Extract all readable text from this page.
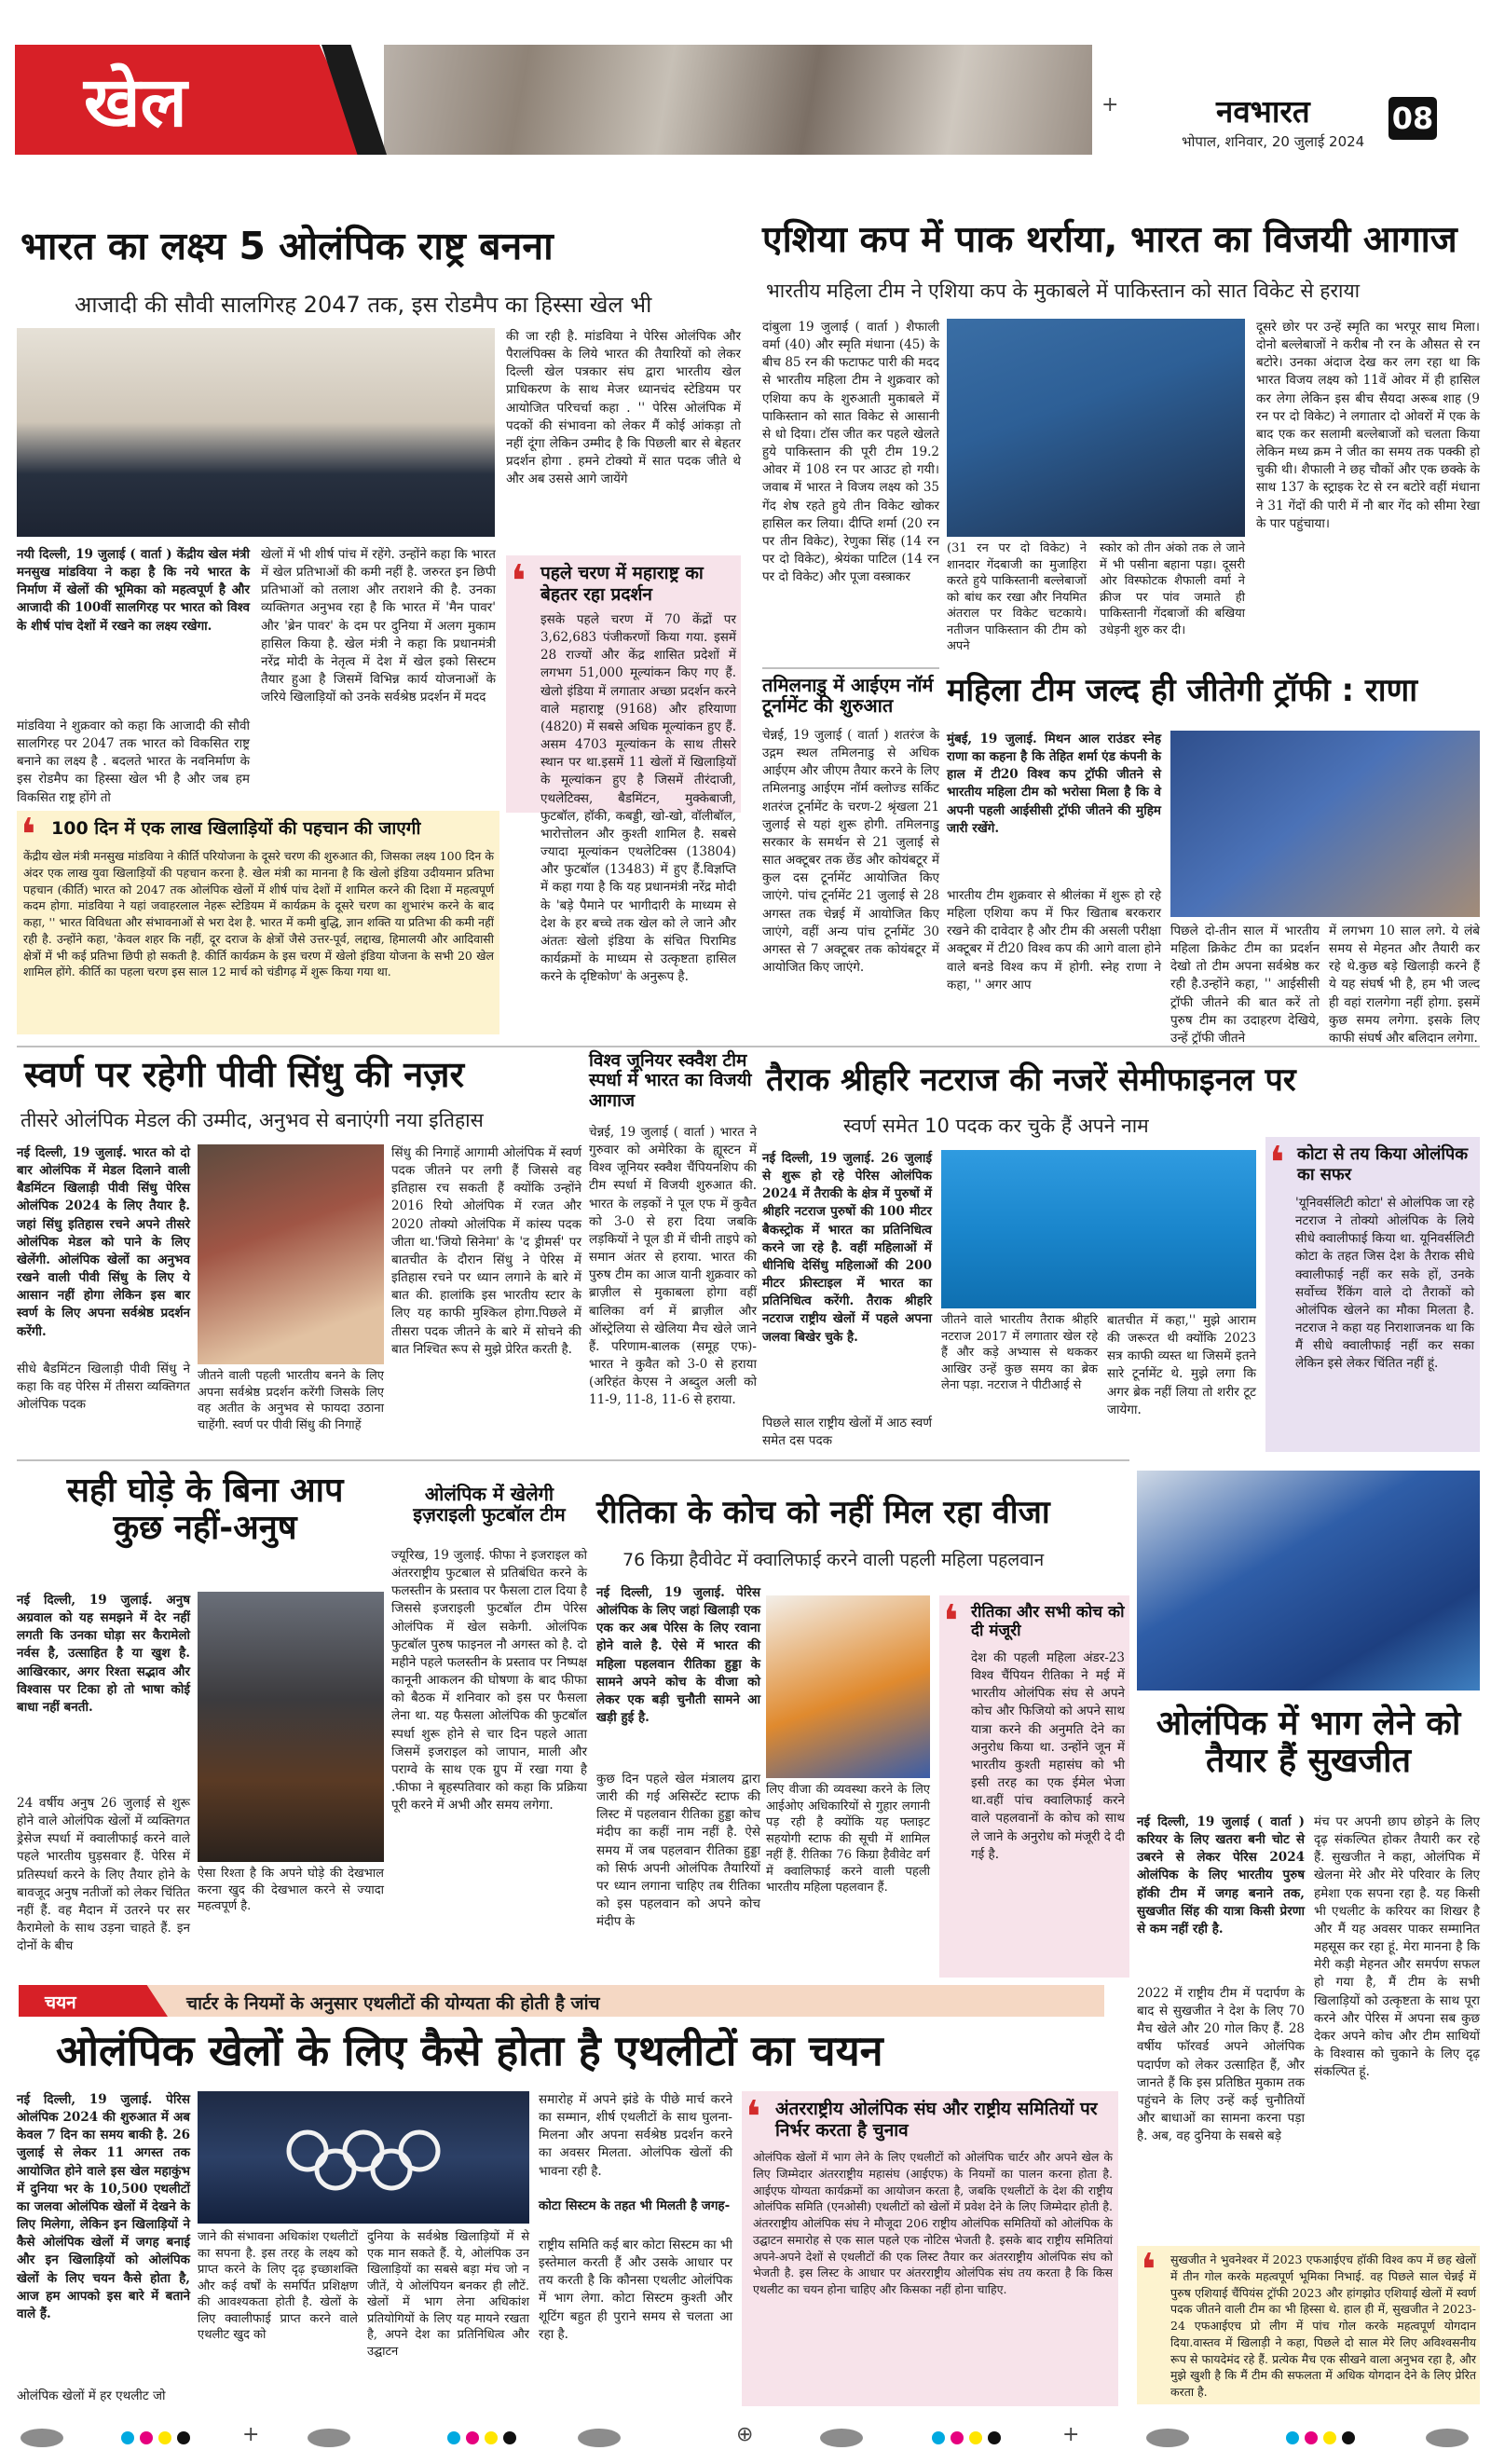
खेल	+	नवभारत	08
भोपाल, शनिवार, 20 जुलाई 2024
भारत का लक्ष्य 5 ओलंपिक राष्ट्र बनना
आजादी की सौवी सालगिरह 2047 तक, इस रोडमैप का हिस्सा खेल भी
नयी दिल्ली, 19 जुलाई ( वार्ता ) केंद्रीय खेल मंत्री मनसुख मांडविया ने कहा है कि नये भारत के निर्माण में खेलों की भूमिका को महत्वपूर्ण है और आजादी की 100वीं सालगिरह पर भारत को विश्व के शीर्ष पांच देशों में रखने का लक्ष्य रखेगा.
मांडविया ने शुक्रवार को कहा कि आजादी की सौवी सालगिरह पर 2047 तक भारत को विकसित राष्ट्र बनाने का लक्ष्य है . बदलते भारत के नवनिर्माण के इस रोडमैप का हिस्सा खेल भी है और जब हम विकसित राष्ट्र होंगे तो
खेलों में भी शीर्ष पांच में रहेंगे. उन्होंने कहा कि भारत में खेल प्रतिभाओं की कमी नहीं है. जरुरत इन छिपी प्रतिभाओं को तलाश और तराशने की है. उनका व्यक्तिगत अनुभव रहा है कि भारत में 'मैन पावर' और 'ब्रेन पावर' के दम पर दुनिया में अलग मुकाम हासिल किया है. खेल मंत्री ने कहा कि प्रधानमंत्री नरेंद्र मोदी के नेतृत्व में देश में खेल इको सिस्टम तैयार हुआ है जिसमें विभिन्न कार्य योजनाओं के जरिये खिलाड़ियों को उनके सर्वश्रेष्ठ प्रदर्शन में मदद
की जा रही है. मांडविया ने पेरिस ओलंपिक और पैरालंपिक्स के लिये भारत की तैयारियों को लेकर दिल्ली खेल पत्रकार संघ द्वारा भारतीय खेल प्राधिकरण के साथ मेजर ध्यानचंद स्टेडियम पर आयोजित परिचर्चा कहा . '' पेरिस ओलंपिक में पदकों की संभावना को लेकर मैं कोई आंकड़ा तो नहीं दूंगा लेकिन उम्मीद है कि पिछली बार से बेहतर प्रदर्शन होगा . हमने टोक्यो में सात पदक जीते थे और अब उससे आगे जायेंगे
❛ पहले चरण में महाराष्ट्र का बेहतर रहा प्रदर्शन
इसके पहले चरण में 70 केंद्रों पर 3,62,683 पंजीकरणों किया गया. इसमें 28 राज्यों और केंद्र शासित प्रदेशों में लगभग 51,000 मूल्यांकन किए गए हैं. खेलो इंडिया में लगातार अच्छा प्रदर्शन करने वाले महाराष्ट्र (9168) और हरियाणा (4820) में सबसे अधिक मूल्यांकन हुए हैं. असम 4703 मूल्यांकन के साथ तीसरे स्थान पर था.इसमें 11 खेलों में खिलाड़ियों के मूल्यांकन हुए है जिसमें तीरंदाजी, एथलेटिक्स, बैडमिंटन, मुक्केबाजी, फुटबॉल, हॉकी, कबड्डी, खो-खो, वॉलीबॉल, भारोत्तोलन और कुश्ती शामिल है. सबसे ज्यादा मूल्यांकन एथलेटिक्स (13804) और फुटबॉल (13483) में हुए हैं.विज्ञप्ति में कहा गया है कि यह प्रधानमंत्री नरेंद्र मोदी के 'बड़े पैमाने पर भागीदारी के माध्यम से देश के हर बच्चे तक खेल को ले जाने और अंततः खेलो इंडिया के संचित पिरामिड कार्यक्रमों के माध्यम से उत्कृष्टता हासिल करने के दृष्टिकोण' के अनुरूप है.
❛ 100 दिन में एक लाख खिलाड़ियों की पहचान की जाएगी
केंद्रीय खेल मंत्री मनसुख मांडविया ने कीर्ति परियोजना के दूसरे चरण की शुरुआत की, जिसका लक्ष्य 100 दिन के अंदर एक लाख युवा खिलाड़ियों की पहचान करना है. खेल मंत्री का मानना है कि खेलो इंडिया उदीयमान प्रतिभा पहचान (कीर्ति) भारत को 2047 तक ओलंपिक खेलों में शीर्ष पांच देशों में शामिल करने की दिशा में महत्वपूर्ण कदम होगा. मांडविया ने यहां जवाहरलाल नेहरू स्टेडियम में कार्यक्रम के दूसरे चरण का शुभारंभ करने के बाद कहा, '' भारत विविधता और संभावनाओं से भरा देश है. भारत में कमी बुद्धि, ज्ञान शक्ति या प्रतिभा की कमी नहीं रही है. उन्होंने कहा, 'केवल शहर कि नहीं, दूर दराज के क्षेत्रों जैसे उत्तर-पूर्व, लद्दाख, हिमालयी और आदिवासी क्षेत्रों में भी कई प्रतिभा छिपी हो सकती है. कीर्ति कार्यक्रम के इस चरण में खेलो इंडिया योजना के सभी 20 खेल शामिल होंगे. कीर्ति का पहला चरण इस साल 12 मार्च को चंडीगढ़ में शुरू किया गया था.
एशिया कप में पाक थर्राया, भारत का विजयी आगाज
भारतीय महिला टीम ने एशिया कप के मुकाबले में पाकिस्तान को सात विकेट से हराया
दांबुला 19 जुलाई ( वार्ता ) शैफाली वर्मा (40) और स्मृति मंधाना (45) के बीच 85 रन की फटाफट पारी की मदद से भारतीय महिला टीम ने शुक्रवार को एशिया कप के शुरुआती मुकाबले में पाकिस्तान को सात विकेट से आसानी से धो दिया। टॉस जीत कर पहले खेलते हुये पाकिस्तान की पूरी टीम 19.2 ओवर में 108 रन पर आउट हो गयी। जवाब में भारत ने विजय लक्ष्य को 35 गेंद शेष रहते हुये तीन विकेट खोकर हासिल कर लिया। दीप्ति शर्मा (20 रन पर तीन विकेट), रेणुका सिंह (14 रन पर दो विकेट), श्रेयंका पाटिल (14 रन पर दो विकेट) और पूजा वस्त्राकर
(31 रन पर दो विकेट) ने शानदार गेंदबाजी का मुजाहिरा करते हुये पाकिस्तानी बल्लेबाजों को बांध कर रखा और नियमित अंतराल पर विकेट चटकाये।नतीजन पाकिस्तान की टीम को अपने
स्कोर को तीन अंको तक ले जाने में भी पसीना बहाना पड़ा। दूसरी ओर विस्फोटक शैफाली वर्मा ने क्रीज पर पांव जमाते ही पाकिस्तानी गेंदबाजों की बखिया उधेड़नी शुरु कर दी।
दूसरे छोर पर उन्हें स्मृति का भरपूर साथ मिला। दोनो बल्लेबाजों ने करीब नौ रन के औसत से रन बटोरे। उनका अंदाज देख कर लग रहा था कि भारत विजय लक्ष्य को 11वें ओवर में ही हासिल कर लेगा लेकिन इस बीच सैयदा अरूब शाह (9 रन पर दो विकेट) ने लगातार दो ओवरों में एक के बाद एक कर सलामी बल्लेबाजों को चलता किया लेकिन मध्य क्रम ने जीत का समय तक पक्की हो चुकी थी। शैफाली ने छह चौकों और एक छक्के के साथ 137 के स्ट्राइक रेट से रन बटोरे वहीं मंधाना ने 31 गेंदों की पारी में नौ बार गेंद को सीमा रेखा के पार पहुंचाया।
तमिलनाडु में आईएम नॉर्म टूर्नामेंट की शुरुआत
चेन्नई, 19 जुलाई ( वार्ता ) शतरंज के उद्गम स्थल तमिलनाडु से अधिक आईएम और जीएम तैयार करने के लिए तमिलनाडु आईएम नॉर्म क्लोज्ड सर्किट शतरंज टूर्नामेंट के चरण-2 श्रृंखला 21 जुलाई से यहां शुरू होगी. तमिलनाडु सरकार के समर्थन से 21 जुलाई से सात अक्टूबर तक छेंड और कोयंबटूर में कुल दस टूर्नामेंट आयोजित किए जाएंगे. पांच टूर्नामेंट 21 जुलाई से 28 अगस्त तक चेन्नई में आयोजित किए जाएंगे, वहीं अन्य पांच टूर्नामेंट 30 अगस्त से 7 अक्टूबर तक कोयंबटूर में आयोजित किए जाएंगे.
महिला टीम जल्द ही जीतेगी ट्रॉफी : राणा
मुंबई, 19 जुलाई. मिथन आल राउंडर स्नेह राणा का कहना है कि तेहित शर्मा एंड कंपनी के हाल में टी20 विश्व कप ट्रॉफी जीतने से भारतीय महिला टीम को भरोसा मिला है कि वे अपनी पहली आईसीसी ट्रॉफी जीतने की मुहिम जारी रखेंगे.
भारतीय टीम शुक्रवार से श्रीलंका में शुरू हो रहे महिला एशिया कप में फिर खिताब बरकरार रखने की दावेदार है और टीम की असली परीक्षा अक्टूबर में टी20 विश्व कप की आगे वाला होने वाले बनडे विश्व कप में होगी. स्नेह राणा ने कहा, '' अगर आप
पिछले दो-तीन साल में भारतीय महिला क्रिकेट टीम का प्रदर्शन देखो तो टीम अपना सर्वश्रेष्ठ कर रही है.उन्होंने कहा, '' आईसीसी ट्रॉफी जीतने की बात करें तो पुरुष टीम का उदाहरण देखिये, उन्हें ट्रॉफी जीतने
में लगभग 10 साल लगे. ये लंबे समय से मेहनत और तैयारी कर रहे थे.कुछ बड़े खिलाड़ी करने हैं ये यह संघर्ष भी है, हम भी जल्द ही वहां रालगेगा नहीं होगा. इसमें कुछ समय लगेगा. इसके लिए काफी संघर्ष और बलिदान लगेगा.
स्वर्ण पर रहेगी पीवी सिंधु की नज़र
तीसरे ओलंपिक मेडल की उम्मीद, अनुभव से बनाएंगी नया इतिहास
नई दिल्ली, 19 जुलाई. भारत को दो बार ओलंपिक में मेडल दिलाने वाली बैडमिंटन खिलाड़ी पीवी सिंधु पेरिस ओलंपिक 2024 के लिए तैयार है. जहां सिंधु इतिहास रचने अपने तीसरे ओलंपिक मेडल को पाने के लिए खेलेंगी. ओलंपिक खेलों का अनुभव रखने वाली पीवी सिंधु के लिए ये आसान नहीं होगा लेकिन इस बार स्वर्ण के लिए अपना सर्वश्रेष्ठ प्रदर्शन करेंगी.
सीधे बैडमिंटन खिलाड़ी पीवी सिंधु ने कहा कि वह पेरिस में तीसरा व्यक्तिगत ओलंपिक पदक
जीतने वाली पहली भारतीय बनने के लिए अपना सर्वश्रेष्ठ प्रदर्शन करेंगी जिसके लिए वह अतीत के अनुभव से फायदा उठाना चाहेंगी. स्वर्ण पर पीवी सिंधु की निगाहें
सिंधु की निगाहें आगामी ओलंपिक में स्वर्ण पदक जीतने पर लगी हैं जिससे वह इतिहास रच सकती हैं क्योंकि उन्होंने 2016 रियो ओलंपिक में रजत और 2020 तोक्यो ओलंपिक में कांस्य पदक जीता था.'जियो सिनेमा' के 'द ड्रीमर्स' पर बातचीत के दौरान सिंधु ने पेरिस में इतिहास रचने पर ध्यान लगाने के बारे में बात की. हालांकि इस भारतीय स्टार के लिए यह काफी मुश्किल होगा.पिछले में तीसरा पदक जीतने के बारे में सोचने की बात निश्चित रूप से मुझे प्रेरित करती है.
विश्व जूनियर स्क्वैश टीम स्पर्धा में भारत का विजयी आगाज
चेन्नई, 19 जुलाई ( वार्ता ) भारत ने गुरुवार को अमेरिका के ह्यूस्टन में विश्व जूनियर स्क्वैश चैंपियनशिप की टीम स्पर्धा में विजयी शुरुआत की. भारत के लड़कों ने पूल एफ में कुवैत को 3-0 से हरा दिया जबकि लड़कियों ने पूल डी में चीनी ताइपे को समान अंतर से हराया. भारत की पुरुष टीम का आज यानी शुक्रवार को ब्राज़ील से मुकाबला होगा वहीं बालिका वर्ग में ब्राज़ील और ऑस्ट्रेलिया से खेलिया मैच खेले जाने हैं. परिणाम-बालक (समूह एफ)- भारत ने कुवैत को 3-0 से हराया (अरिहंत केएस ने अब्दुल अली को 11-9, 11-8, 11-6 से हराया.
तैराक श्रीहरि नटराज की नजरें सेमीफाइनल पर
स्वर्ण समेत 10 पदक कर चुके हैं अपने नाम
नई दिल्ली, 19 जुलाई. 26 जुलाई से शुरू हो रहे पेरिस ओलंपिक 2024 में तैराकी के क्षेत्र में पुरुषों में श्रीहरि नटराज पुरुषों की 100 मीटर बैकस्ट्रोक में भारत का प्रतिनिधित्व करने जा रहे है. वहीं महिलाओं में धीनिधि देसिंधु महिलाओं की 200 मीटर फ्रीस्टाइल में भारत का प्रतिनिधित्व करेंगी. तैराक श्रीहरि नटराज राष्ट्रीय खेलों में पहले अपना जलवा बिखेर चुके है.
पिछले साल राष्ट्रीय खेलों में आठ स्वर्ण समेत दस पदक
जीतने वाले भारतीय तैराक श्रीहरि नटराज 2017 में लगातार खेल रहे हैं और कड़े अभ्यास से थककर आखिर उन्हें कुछ समय का ब्रेक लेना पड़ा. नटराज ने पीटीआई से
बातचीत में कहा,'' मुझे आराम की जरूरत थी क्योंकि 2023 सत्र काफी व्यस्त था जिसमें इतने सारे टूर्नामेंट थे. मुझे लगा कि अगर ब्रेक नहीं लिया तो शरीर टूट जायेगा.
❛ कोटा से तय किया ओलंपिक का सफर
'यूनिवर्सलिटी कोटा' से ओलंपिक जा रहे नटराज ने तोक्यो ओलंपिक के लिये सीधे क्वालीफाई किया था. यूनिवर्सलिटी कोटा के तहत जिस देश के तैराक सीधे क्वालीफाई नहीं कर सके हों, उनके सर्वोच्च रैंकिंग वाले दो तैराकों को ओलंपिक खेलने का मौका मिलता है. नटराज ने कहा यह निराशाजनक था कि मैं सीधे क्वालीफाई नहीं कर सका लेकिन इसे लेकर चिंतित नहीं हूं.
सही घोड़े के बिना आप कुछ नहीं-अनुष
नई दिल्ली, 19 जुलाई. अनुष अग्रवाल को यह समझने में देर नहीं लगती कि उनका घोड़ा सर कैरामेलो नर्वस है, उत्साहित है या खुश है. आखिरकार, अगर रिश्ता सद्भाव और विश्वास पर टिका हो तो भाषा कोई बाधा नहीं बनती.
24 वर्षीय अनुष 26 जुलाई से शुरू होने वाले ओलंपिक खेलों में व्यक्तिगत ड्रेसेज स्पर्धा में क्वालीफाई करने वाले पहले भारतीय घुड़सवार हैं. पेरिस में प्रतिस्पर्धा करने के लिए तैयार होने के बावजूद अनुष नतीजों को लेकर चिंतित नहीं हैं. वह मैदान में उतरने पर सर कैरामेलो के साथ उड़ना चाहते हैं. इन दोनों के बीच
ऐसा रिश्ता है कि अपने घोड़े की देखभाल करना खुद की देखभाल करने से ज्यादा महत्वपूर्ण है.
ओलंपिक में खेलेगी इज़राइली फुटबॉल टीम
ज्यूरिख, 19 जुलाई. फीफा ने इजराइल को अंतरराष्ट्रीय फुटबाल से प्रतिबंधित करने के फलस्तीन के प्रस्ताव पर फैसला टाल दिया है जिससे इजराइली फुटबॉल टीम पेरिस ओलंपिक में खेल सकेगी. ओलंपिक फुटबॉल पुरुष फाइनल नौ अगस्त को है. दो महीने पहले फलस्तीन के प्रस्ताव पर निष्पक्ष कानूनी आकलन की घोषणा के बाद फीफा को बैठक में शनिवार को इस पर फैसला लेना था. यह फैसला ओलंपिक की फुटबॉल स्पर्धा शुरू होने से चार दिन पहले आता जिसमें इजराइल को जापान, माली और पराग्वे के साथ एक ग्रुप में रखा गया है .फीफा ने बृहस्पतिवार को कहा कि प्रक्रिया पूरी करने में अभी और समय लगेगा.
रीतिका के कोच को नहीं मिल रहा वीजा
76 किग्रा हैवीवेट में क्वालिफाई करने वाली पहली महिला पहलवान
नई दिल्ली, 19 जुलाई. पेरिस ओलंपिक के लिए जहां खिलाड़ी एक एक कर अब पेरिस के लिए रवाना होने वाले है. ऐसे में भारत की महिला पहलवान रीतिका हुड्डा के सामने अपने कोच के वीजा को लेकर एक बड़ी चुनौती सामने आ खड़ी हुई है.
कुछ दिन पहले खेल मंत्रालय द्वारा जारी की गई असिस्टेंट स्टाफ की लिस्ट में पहलवान रीतिका हुड्डा कोच मंदीप का कहीं नाम नहीं है. ऐसे समय में जब पहलवान रीतिका हुड्डा को सिर्फ अपनी ओलंपिक तैयारियों पर ध्यान लगाना चाहिए तब रीतिका को इस पहलवान को अपने कोच मंदीप के
लिए वीजा की व्यवस्था करने के लिए आईओए अधिकारियों से गुहार लगानी पड़ रही है क्योंकि यह फ्लाइट सहयोगी स्टाफ की सूची में शामिल नहीं हैं. रीतिका 76 किग्रा हैवीवेट वर्ग में क्वालिफाई करने वाली पहली भारतीय महिला पहलवान हैं.
❛ रीतिका और सभी कोच को दी मंजूरी
देश की पहली महिला अंडर-23 विश्व चैंपियन रीतिका ने मई में भारतीय ओलंपिक संघ से अपने कोच और फिजियो को अपने साथ यात्रा करने की अनुमति देने का अनुरोध किया था. उन्होंने जून में भारतीय कुश्ती महासंघ को भी इसी तरह का एक ईमेल भेजा था.वहीं पांच क्वालिफाई करने वाले पहलवानों के कोच को साथ ले जाने के अनुरोध को मंजूरी दे दी गई है.
ओलंपिक में भाग लेने को तैयार हैं सुखजीत
नई दिल्ली, 19 जुलाई ( वार्ता ) करियर के लिए खतरा बनी चोट से उबरने से लेकर पेरिस 2024 ओलंपिक के लिए भारतीय पुरुष हॉकी टीम में जगह बनाने तक, सुखजीत सिंह की यात्रा किसी प्रेरणा से कम नहीं रही है.
2022 में राष्ट्रीय टीम में पदार्पण के बाद से सुखजीत ने देश के लिए 70 मैच खेले और 20 गोल किए हैं. 28 वर्षीय फॉरवर्ड अपने ओलंपिक पदार्पण को लेकर उत्साहित हैं, और जानते हैं कि इस प्रतिष्ठित मुकाम तक पहुंचने के लिए उन्हें कई चुनौतियों और बाधाओं का सामना करना पड़ा है. अब, वह दुनिया के सबसे बड़े
मंच पर अपनी छाप छोड़ने के लिए दृढ़ संकल्पित होकर तैयारी कर रहे हैं. सुखजीत ने कहा, ओलंपिक में खेलना मेरे और मेरे परिवार के लिए हमेशा एक सपना रहा है. यह किसी भी एथलीट के करियर का शिखर है और मैं यह अवसर पाकर सम्मानित महसूस कर रहा हूं. मेरा मानना है कि मेरी कड़ी मेहनत और समर्पण सफल हो गया है, मैं टीम के सभी खिलाड़ियों को उत्कृष्टता के साथ पूरा करने और पेरिस में अपना सब कुछ देकर अपने कोच और टीम साथियों के विश्वास को चुकाने के लिए दृढ़ संकल्पित हूं.
❛ सुखजीत ने भुवनेश्वर में 2023 एफआईएच हॉकी विश्व कप में छह खेलों में तीन गोल करके महत्वपूर्ण भूमिका निभाई. वह पिछले साल चेन्नई में पुरुष एशियाई चैंपियंस ट्रॉफी 2023 और हांगझोउ एशियाई खेलों में स्वर्ण पदक जीतने वाली टीम का भी हिस्सा थे. हाल ही में, सुखजीत ने 2023-24 एफआईएच प्रो लीग में पांच गोल करके महत्वपूर्ण योगदान दिया.वास्तव में खिलाड़ी ने कहा, पिछले दो साल मेरे लिए अविश्वसनीय रूप से फायदेमंद रहे हैं. प्रत्येक मैच एक सीखने वाला अनुभव रहा है, और मुझे खुशी है कि मैं टीम की सफलता में अधिक योगदान देने के लिए प्रेरित करता है.
चयन	चार्टर के नियमों के अनुसार एथलीटों की योग्यता की होती है जांच
ओलंपिक खेलों के लिए कैसे होता है एथलीटों का चयन
नई दिल्ली, 19 जुलाई. पेरिस ओलंपिक 2024 की शुरुआत में अब केवल 7 दिन का समय बाकी है. 26 जुलाई से लेकर 11 अगस्त तक आयोजित होने वाले इस खेल महाकुंभ में दुनिया भर के 10,500 एथलीटों का जलवा ओलंपिक खेलों में देखने के लिए मिलेगा, लेकिन इन खिलाड़ियों ने कैसे ओलंपिक खेलों में जगह बनाई और इन खिलाड़ियों को ओलंपिक खेलों के लिए चयन कैसे होता है, आज हम आपको इस बारे में बताने वाले हैं.
ओलंपिक खेलों में हर एथलीट जो
जाने की संभावना अधिकांश एथलीटों का सपना है. इस तरह के लक्ष्य को प्राप्त करने के लिए दृढ़ इच्छाशक्ति और कई वर्षों के समर्पित प्रशिक्षण की आवश्यकता होती है. खेलों के लिए क्वालीफाई प्राप्त करने वाले एथलीट खुद को
दुनिया के सर्वश्रेष्ठ खिलाड़ियों में से एक मान सकते हैं. ये, ओलंपिक उन खिलाड़ियों का सबसे बड़ा मंच जो न जीतें, ये ओलंपियन बनकर ही लौटें. खेलों में भाग लेना अधिकांश प्रतियोगियों के लिए यह मायने रखता है, अपने देश का प्रतिनिधित्व और उद्घाटन
समारोह में अपने झंडे के पीछे मार्च करने का सम्मान, शीर्ष एथलीटों के साथ घुलना-मिलना और अपना सर्वश्रेष्ठ प्रदर्शन करने का अवसर मिलता. ओलंपिक खेलों की भावना रही है.
कोटा सिस्टम के तहत भी मिलती है जगह-
राष्ट्रीय समिति कई बार कोटा सिस्टम का भी इस्तेमाल करती हैं और उसके आधार पर तय करती है कि कौनसा एथलीट ओलंपिक में भाग लेगा. कोटा सिस्टम कुश्ती और शूटिंग बहुत ही पुराने समय से चलता आ रहा है.
❛ अंतरराष्ट्रीय ओलंपिक संघ और राष्ट्रीय समितियों पर निर्भर करता है चुनाव
ओलंपिक खेलों में भाग लेने के लिए एथलीटों को ओलंपिक चार्टर और अपने खेल के लिए जिम्मेदार अंतरराष्ट्रीय महासंघ (आईएफ) के नियमों का पालन करना होता है. आईएफ योग्यता कार्यक्रमों का आयोजन करता है, जबकि एथलीटों के देश की राष्ट्रीय ओलंपिक समिति (एनओसी) एथलीटों को खेलों में प्रवेश देने के लिए जिम्मेदार होती है. अंतरराष्ट्रीय ओलंपिक संघ ने मौजूदा 206 राष्ट्रीय ओलंपिक समितियों को ओलंपिक के उद्घाटन समारोह से एक साल पहले एक नोटिस भेजती है. इसके बाद राष्ट्रीय समितियां अपने-अपने देशों से एथलीटों की एक लिस्ट तैयार कर अंतरराष्ट्रीय ओलंपिक संघ को भेजती है. इस लिस्ट के आधार पर अंतरराष्ट्रीय ओलंपिक संघ तय करता है कि किस एथलीट का चयन होना चाहिए और किसका नहीं होना चाहिए.
+	⊕	+
